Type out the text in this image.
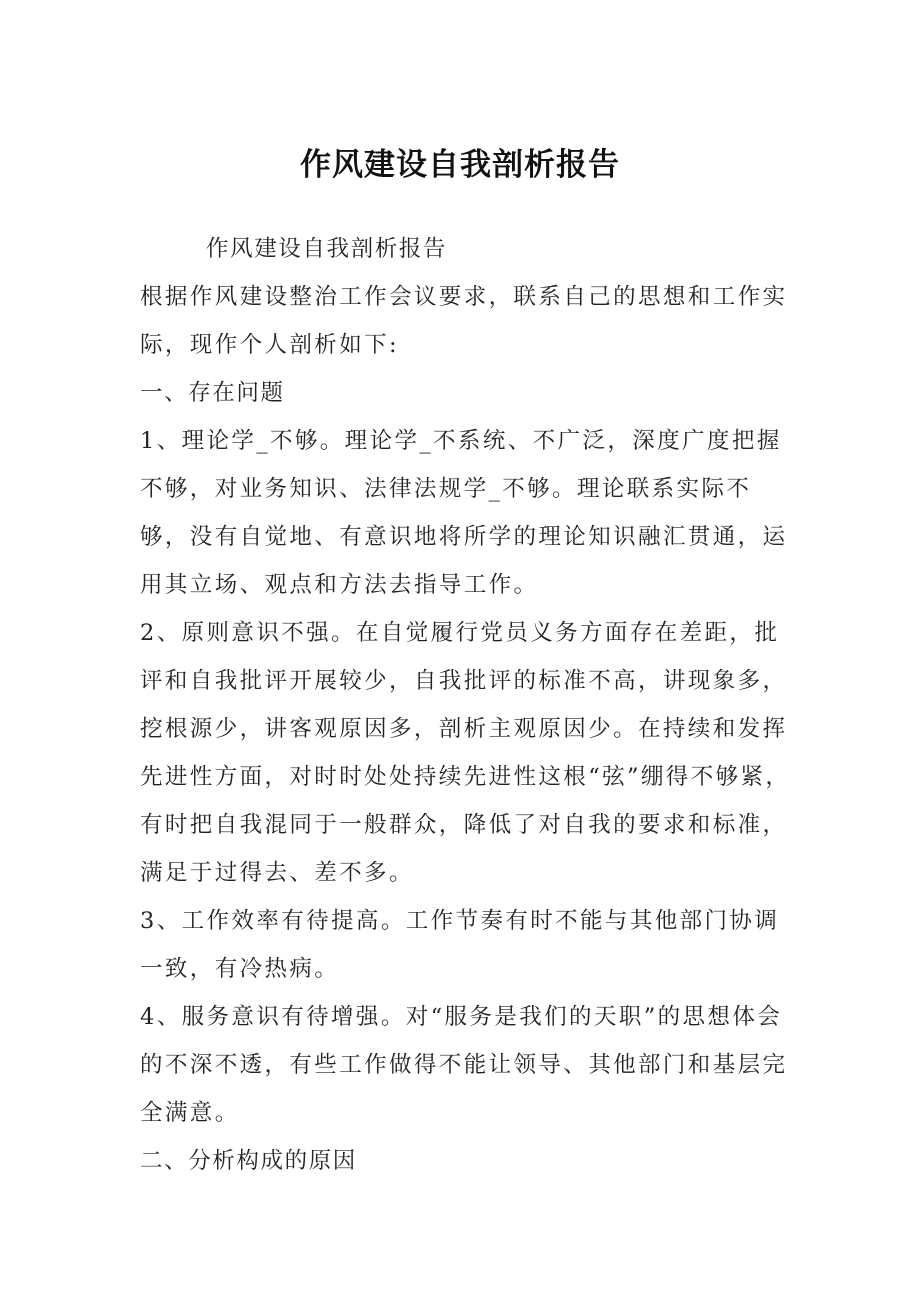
作风建设自我剖析报告

作风建设自我剖析报告

根据作风建设整治工作会议要求，联系自己的思想和工作实际，现作个人剖析如下:

一、存在问题

1、理论学_不够。理论学_不系统、不广泛，深度广度把握不够，对业务知识、法律法规学_不够。理论联系实际不够，没有自觉地、有意识地将所学的理论知识融汇贯通，运用其立场、观点和方法去指导工作。

2、原则意识不强。在自觉履行党员义务方面存在差距，批评和自我批评开展较少，自我批评的标准不高，讲现象多，挖根源少，讲客观原因多，剖析主观原因少。在持续和发挥先进性方面，对时时处处持续先进性这根“弦”绷得不够紧，有时把自我混同于一般群众，降低了对自我的要求和标准，满足于过得去、差不多。

3、工作效率有待提高。工作节奏有时不能与其他部门协调一致，有冷热病。

4、服务意识有待增强。对“服务是我们的天职”的思想体会的不深不透，有些工作做得不能让领导、其他部门和基层完全满意。

二、分析构成的原因
